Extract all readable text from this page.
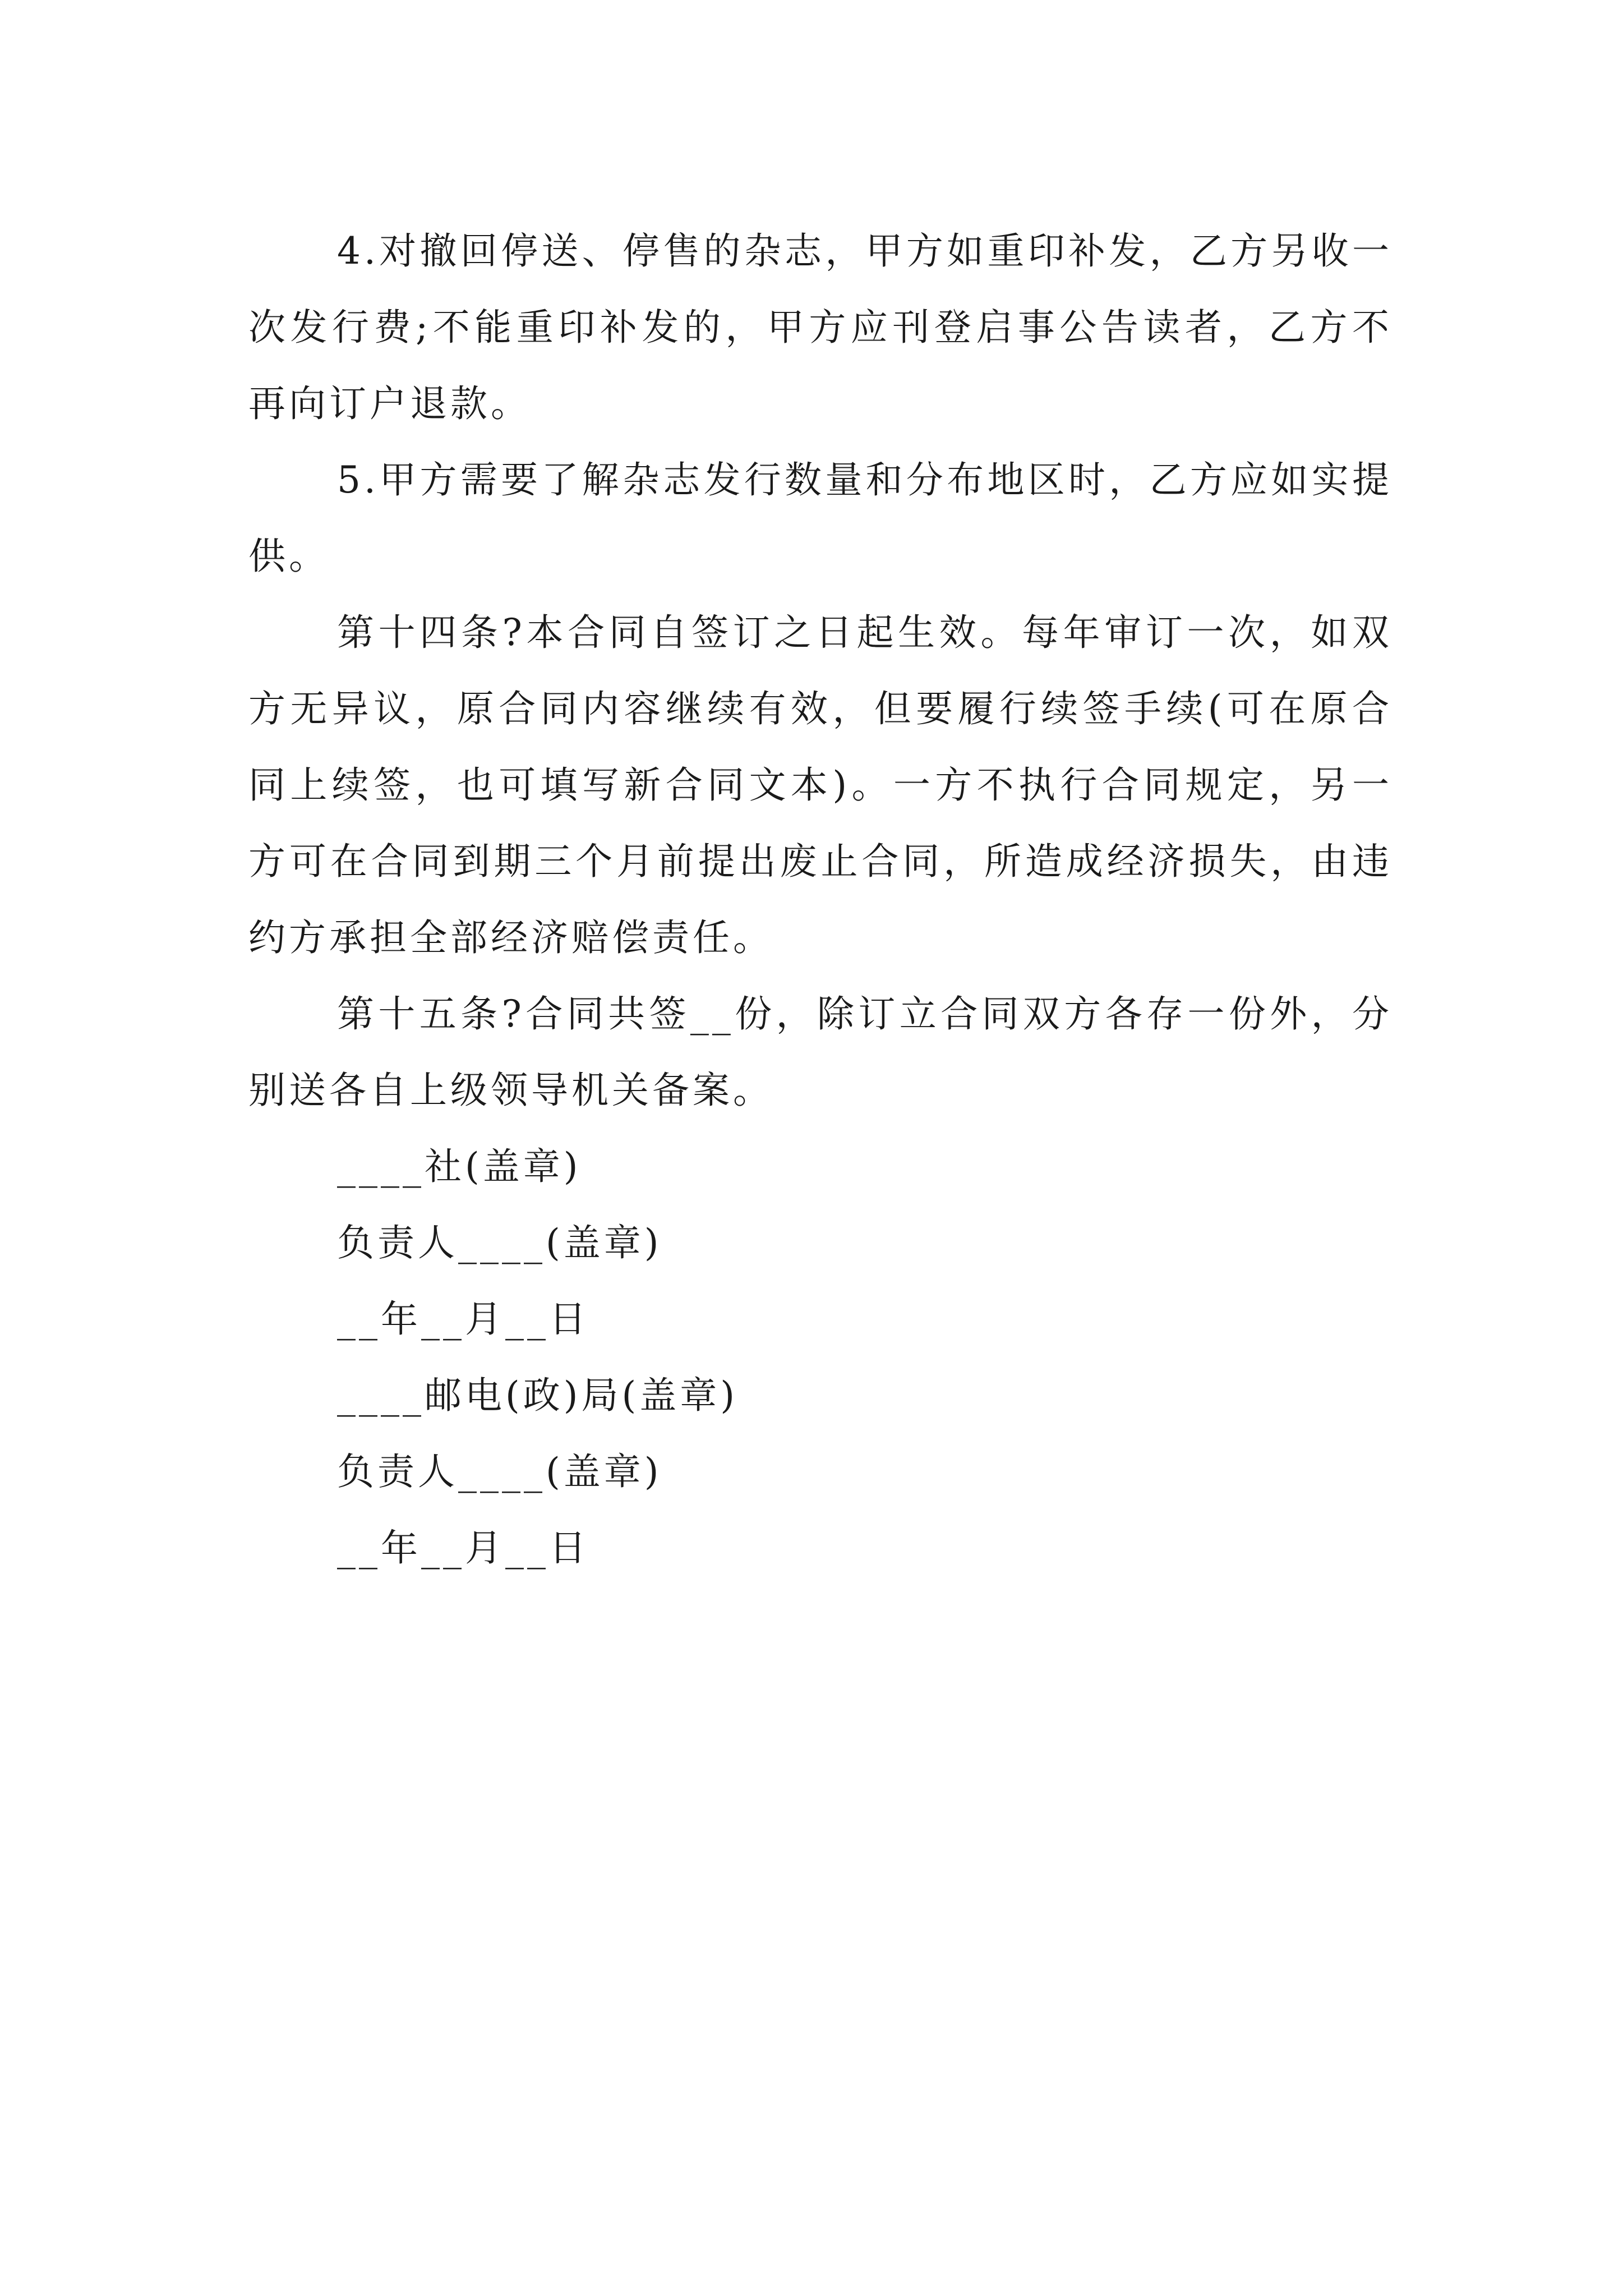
4.对撤回停送、停售的杂志，甲方如重印补发，乙方另收一次发行费;不能重印补发的，甲方应刊登启事公告读者，乙方不再向订户退款。

5.甲方需要了解杂志发行数量和分布地区时，乙方应如实提供。

第十四条?本合同自签订之日起生效。每年审订一次，如双方无异议，原合同内容继续有效，但要履行续签手续(可在原合同上续签，也可填写新合同文本)。一方不执行合同规定，另一方可在合同到期三个月前提出废止合同，所造成经济损失，由违约方承担全部经济赔偿责任。

第十五条?合同共签__份，除订立合同双方各存一份外，分别送各自上级领导机关备案。

____社(盖章)

负责人____(盖章)

__年__月__日

____邮电(政)局(盖章)

负责人____(盖章)

__年__月__日
